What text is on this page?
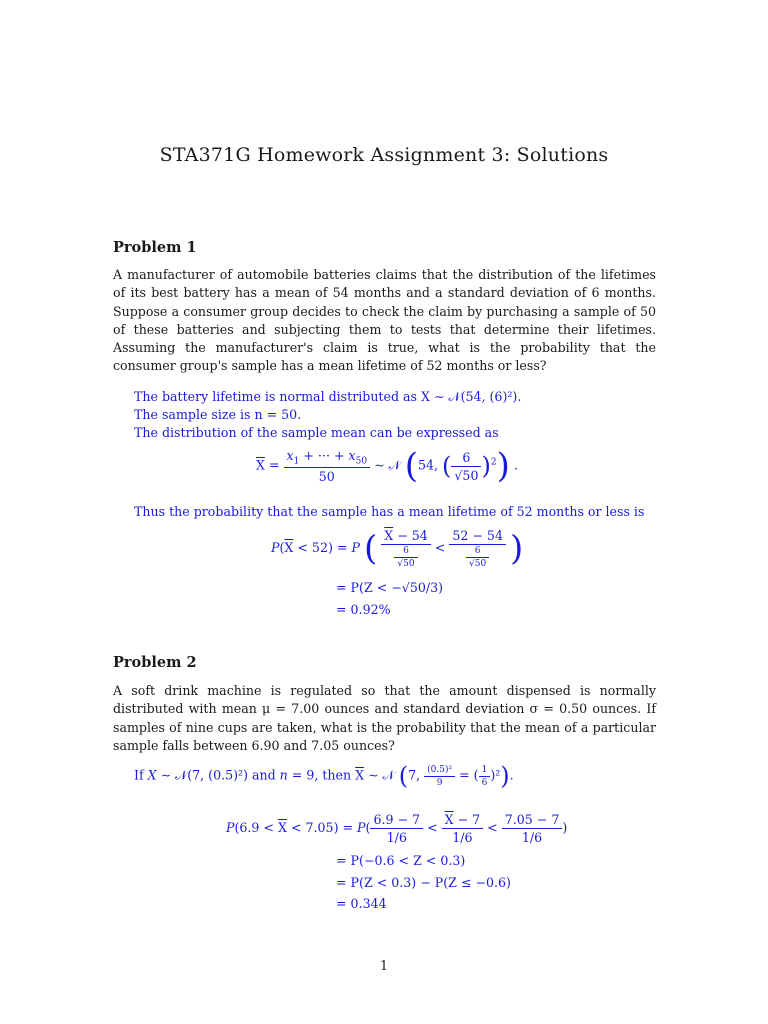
STA371G Homework Assignment 3: Solutions
Problem 1
A manufacturer of automobile batteries claims that the distribution of the lifetimes of its best battery has a mean of 54 months and a standard deviation of 6 months. Suppose a consumer group decides to check the claim by purchasing a sample of 50 of these batteries and subjecting them to tests that determine their lifetimes. Assuming the manufacturer's claim is true, what is the probability that the consumer group's sample has a mean lifetime of 52 months or less?
The battery lifetime is normal distributed as X ∼ 𝒩(54, (6)²).
The sample size is n = 50.
The distribution of the sample mean can be expressed as
$\overline{X} = \frac{x_1 + \cdot\cdot\cdot + x_{50}}{50}$ ∼ 𝒩 (54, ( $\frac{6}{√50} )^2$) .
Thus the probability that the sample has a mean lifetime of 52 months or less is
$P(\overline{X} < 52) = P$ ( $\frac{\overline{X} - 54}{\frac{6}{√50}} < \frac{52 - 54}{\frac{6}{√50}}$ )
= P(Z < −√50/3)
= 0.92%
Problem 2
A soft drink machine is regulated so that the amount dispensed is normally distributed with mean μ = 7.00 ounces and standard deviation σ = 0.50 ounces. If samples of nine cups are taken, what is the probability that the mean of a particular sample falls between 6.90 and 7.05 ounces?
If X ∼ 𝒩(7, (0.5)²) and n = 9, then $\overline{X}$ ∼ 𝒩 (7, $\frac{\text{(0.5)²}}{9}$ = ( $\frac{1}{6} )^2$).
$P(6.9 < \overline{X} < 7.05) = P( \frac{6.9 - 7}{1/6} < \frac{\overline{X} - 7}{1/6} < \frac{7.05 - 7}{1/6}$ )
= P(−0.6 < Z < 0.3)
= P(Z < 0.3) − P(Z ≤ −0.6)
= 0.344
1
